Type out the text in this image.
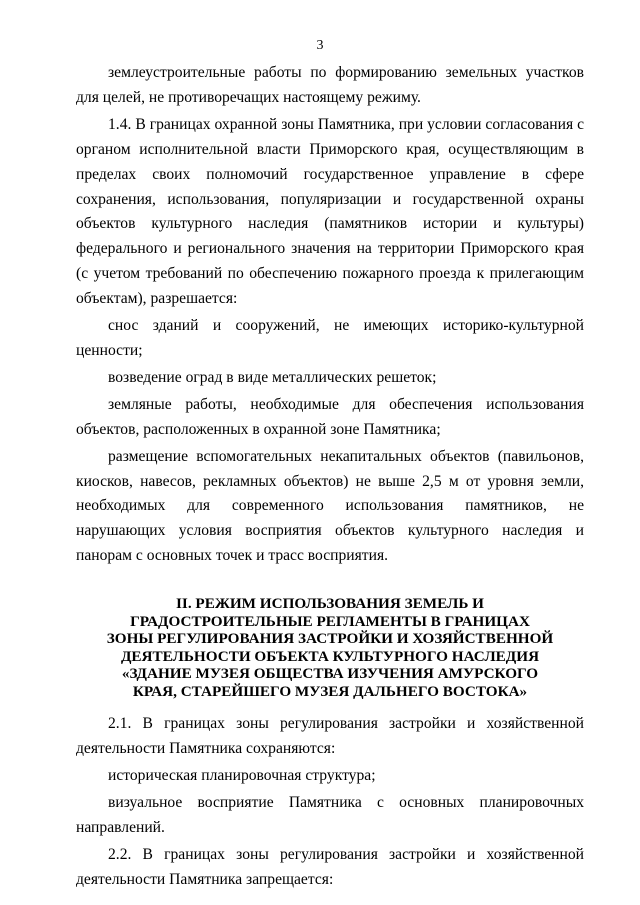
3

землеустроительные работы по формированию земельных участков для целей, не противоречащих настоящему режиму.

1.4. В границах охранной зоны Памятника, при условии согласования с органом исполнительной власти Приморского края, осуществляющим в пределах своих полномочий государственное управление в сфере сохранения, использования, популяризации и государственной охраны объектов культурного наследия (памятников истории и культуры) федерального и регионального значения на территории Приморского края (с учетом требований по обеспечению пожарного проезда к прилегающим объектам), разрешается:

снос зданий и сооружений, не имеющих историко-культурной ценности;

возведение оград в виде металлических решеток;

земляные работы, необходимые для обеспечения использования объектов, расположенных в охранной зоне Памятника;

размещение вспомогательных некапитальных объектов (павильонов, киосков, навесов, рекламных объектов) не выше 2,5 м от уровня земли, необходимых для современного использования памятников, не нарушающих условия восприятия объектов культурного наследия и панорам с основных точек и трасс восприятия.

II. РЕЖИМ ИСПОЛЬЗОВАНИЯ ЗЕМЕЛЬ И
ГРАДОСТРОИТЕЛЬНЫЕ РЕГЛАМЕНТЫ В ГРАНИЦАХ
ЗОНЫ РЕГУЛИРОВАНИЯ ЗАСТРОЙКИ И ХОЗЯЙСТВЕННОЙ
ДЕЯТЕЛЬНОСТИ ОБЪЕКТА КУЛЬТУРНОГО НАСЛЕДИЯ
«ЗДАНИЕ МУЗЕЯ ОБЩЕСТВА ИЗУЧЕНИЯ АМУРСКОГО
КРАЯ, СТАРЕЙШЕГО МУЗЕЯ ДАЛЬНЕГО ВОСТОКА»

2.1. В границах зоны регулирования застройки и хозяйственной деятельности Памятника сохраняются:

историческая планировочная структура;

визуальное восприятие Памятника с основных планировочных направлений.

2.2. В границах зоны регулирования застройки и хозяйственной деятельности Памятника запрещается:
